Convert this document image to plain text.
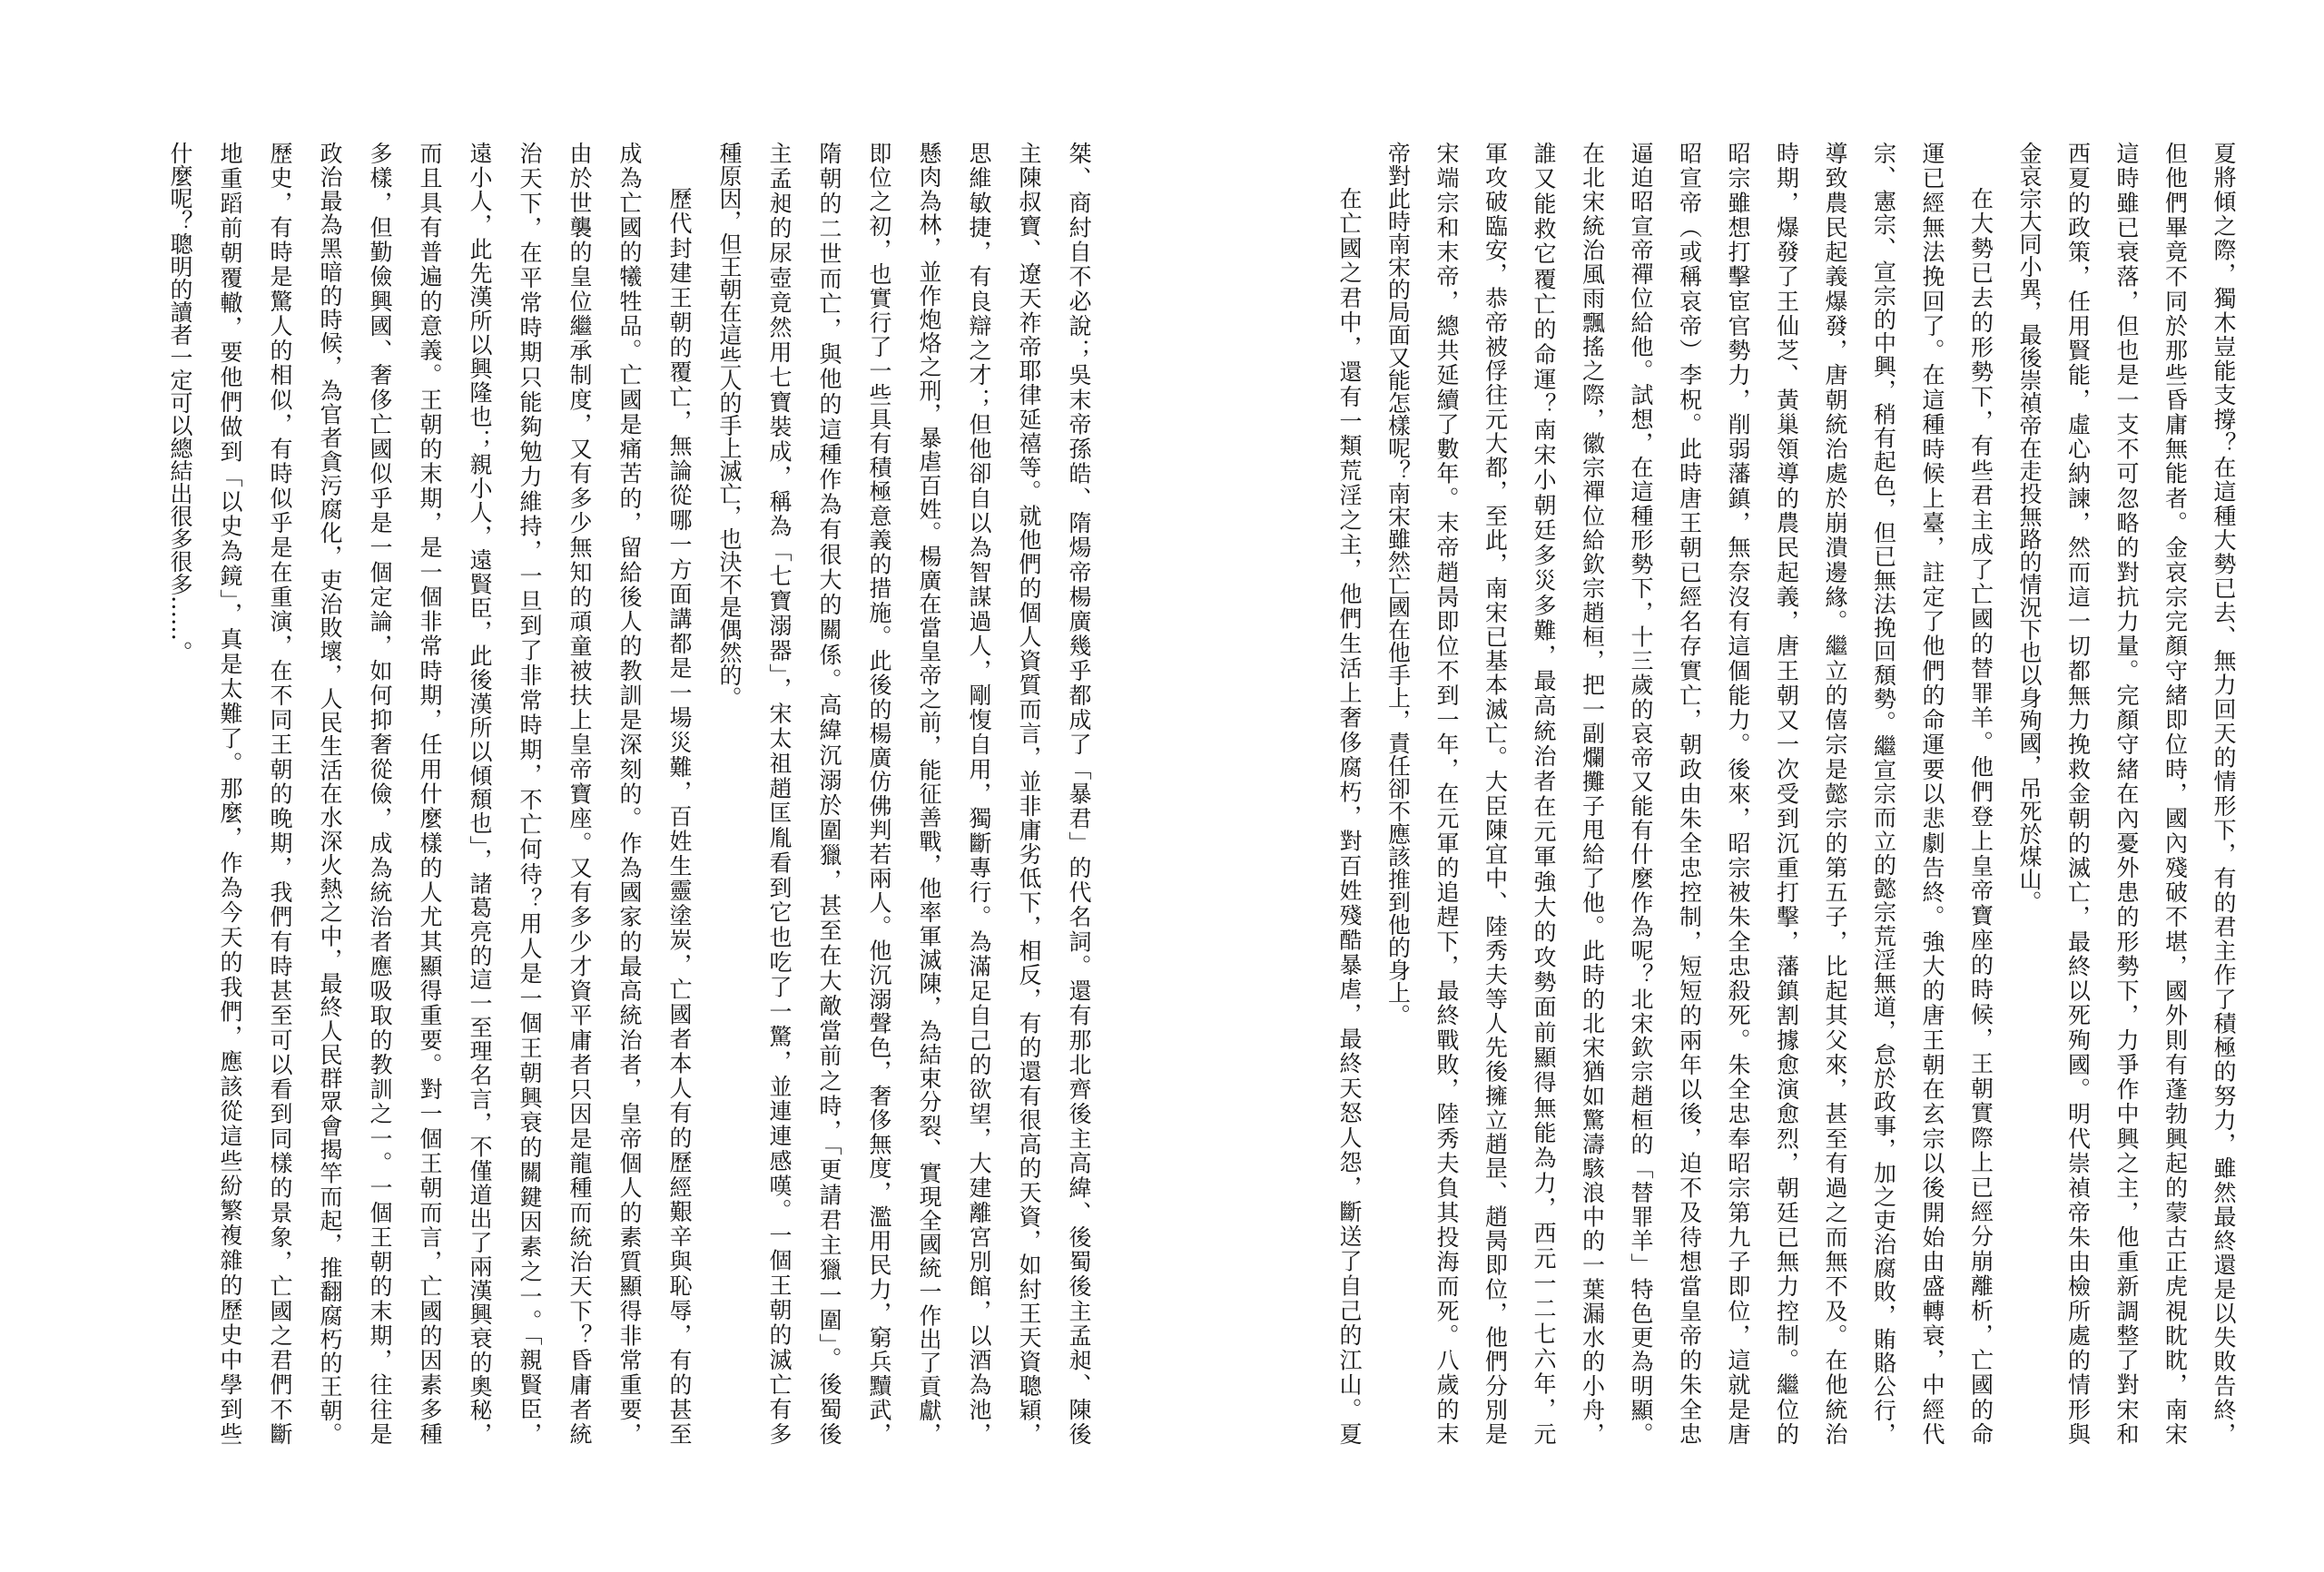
夏將傾之際，獨木豈能支撐？在這種大勢已去、無力回天的情形下，有的君主作了積極的努力，雖然最終還是以失敗告終，
但他們畢竟不同於那些昏庸無能者。金哀宗完顏守緒即位時，國內殘破不堪，國外則有蓬勃興起的蒙古正虎視眈眈，南宋
這時雖已衰落，但也是一支不可忽略的對抗力量。完顏守緒在內憂外患的形勢下，力爭作中興之主，他重新調整了對宋和
西夏的政策，任用賢能，虛心納諫，然而這一切都無力挽救金朝的滅亡，最終以死殉國。明代崇禎帝朱由檢所處的情形與
金哀宗大同小異，最後崇禎帝在走投無路的情況下也以身殉國，吊死於煤山。
在大勢已去的形勢下，有些君主成了亡國的替罪羊。他們登上皇帝寶座的時候，王朝實際上已經分崩離析，亡國的命
運已經無法挽回了。在這種時候上臺，註定了他們的命運要以悲劇告終。強大的唐王朝在玄宗以後開始由盛轉衰，中經代
宗、憲宗、宣宗的中興，稍有起色，但已無法挽回頹勢。繼宣宗而立的懿宗荒淫無道，怠於政事，加之吏治腐敗，賄賂公行，
導致農民起義爆發，唐朝統治處於崩潰邊緣。繼立的僖宗是懿宗的第五子，比起其父來，甚至有過之而無不及。在他統治
時期，爆發了王仙芝、黃巢領導的農民起義，唐王朝又一次受到沉重打擊，藩鎮割據愈演愈烈，朝廷已無力控制。繼位的
昭宗雖想打擊宦官勢力，削弱藩鎮，無奈沒有這個能力。後來，昭宗被朱全忠殺死。朱全忠奉昭宗第九子即位，這就是唐
昭宣帝（或稱哀帝）李柷。此時唐王朝已經名存實亡，朝政由朱全忠控制，短短的兩年以後，迫不及待想當皇帝的朱全忠
逼迫昭宣帝禪位給他。試想，在這種形勢下，十三歲的哀帝又能有什麼作為呢？北宋欽宗趙桓的「替罪羊」特色更為明顯。
在北宋統治風雨飄搖之際，徽宗禪位給欽宗趙桓，把一副爛攤子甩給了他。此時的北宋猶如驚濤駭浪中的一葉漏水的小舟，
誰又能救它覆亡的命運？南宋小朝廷多災多難，最高統治者在元軍強大的攻勢面前顯得無能為力，西元一二七六年，元
軍攻破臨安，恭帝被俘往元大都，至此，南宋已基本滅亡。大臣陳宜中、陸秀夫等人先後擁立趙昰、趙昺即位，他們分別是
宋端宗和末帝，總共延續了數年。末帝趙昺即位不到一年，在元軍的追趕下，最終戰敗，陸秀夫負其投海而死。八歲的末
帝對此時南宋的局面又能怎樣呢？南宋雖然亡國在他手上，責任卻不應該推到他的身上。
在亡國之君中，還有一類荒淫之主，他們生活上奢侈腐朽，對百姓殘酷暴虐，最終天怒人怨，斷送了自己的江山。夏
桀、商紂自不必說；吳末帝孫皓、隋煬帝楊廣幾乎都成了「暴君」的代名詞。還有那北齊後主高緯、後蜀後主孟昶、陳後
主陳叔寶、遼天祚帝耶律延禧等。就他們的個人資質而言，並非庸劣低下，相反，有的還有很高的天資，如紂王天資聰穎，
思維敏捷，有良辯之才；但他卻自以為智謀過人，剛愎自用，獨斷專行。為滿足自己的欲望，大建離宮別館，以酒為池，
懸肉為林，並作炮烙之刑，暴虐百姓。楊廣在當皇帝之前，能征善戰，他率軍滅陳，為結束分裂、實現全國統一作出了貢獻，
即位之初，也實行了一些具有積極意義的措施。此後的楊廣仿佛判若兩人。他沉溺聲色，奢侈無度，濫用民力，窮兵黷武，
隋朝的二世而亡，與他的這種作為有很大的關係。高緯沉溺於圍獵，甚至在大敵當前之時，「更請君主獵一圍」。後蜀後
主孟昶的尿壺竟然用七寶裝成，稱為「七寶溺器」，宋太祖趙匡胤看到它也吃了一驚，並連連感嘆。一個王朝的滅亡有多
種原因，但王朝在這些人的手上滅亡，也決不是偶然的。
歷代封建王朝的覆亡，無論從哪一方面講都是一場災難，百姓生靈塗炭，亡國者本人有的歷經艱辛與恥辱，有的甚至
成為亡國的犧牲品。亡國是痛苦的，留給後人的教訓是深刻的。作為國家的最高統治者，皇帝個人的素質顯得非常重要，
由於世襲的皇位繼承制度，又有多少無知的頑童被扶上皇帝寶座。又有多少才資平庸者只因是龍種而統治天下？昏庸者統
治天下，在平常時期只能夠勉力維持，一旦到了非常時期，不亡何待？用人是一個王朝興衰的關鍵因素之一。「親賢臣，
遠小人，此先漢所以興隆也；親小人，遠賢臣，此後漢所以傾頹也」，諸葛亮的這一至理名言，不僅道出了兩漢興衰的奧秘，
而且具有普遍的意義。王朝的末期，是一個非常時期，任用什麼樣的人尤其顯得重要。對一個王朝而言，亡國的因素多種
多樣，但勤儉興國、奢侈亡國似乎是一個定論，如何抑奢從儉，成為統治者應吸取的教訓之一。一個王朝的末期，往往是
政治最為黑暗的時候，為官者貪污腐化，吏治敗壞，人民生活在水深火熱之中，最終人民群眾會揭竿而起，推翻腐朽的王朝。
歷史，有時是驚人的相似，有時似乎是在重演，在不同王朝的晚期，我們有時甚至可以看到同樣的景象，亡國之君們不斷
地重蹈前朝覆轍，要他們做到「以史為鏡」，真是太難了。那麼，作為今天的我們，應該從這些紛繁複雜的歷史中學到些
什麼呢？聰明的讀者一定可以總結出很多很多……。
